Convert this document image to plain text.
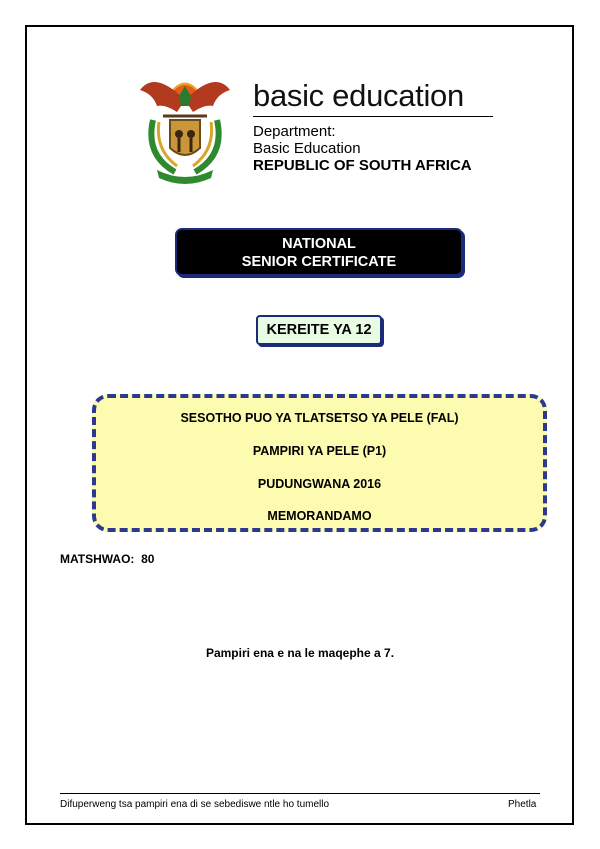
basic education
Department:
Basic Education
REPUBLIC OF SOUTH AFRICA
NATIONAL
SENIOR CERTIFICATE
KEREITE YA 12
SESOTHO PUO YA TLATSETSO YA PELE (FAL)
PAMPIRI YA PELE (P1)
PUDUNGWANA 2016
MEMORANDAMO
MATSHWAO:  80
Pampiri ena e na le maqephe a 7.
Difuperweng tsa pampiri ena di se sebediswe ntle ho tumello	Phetla
